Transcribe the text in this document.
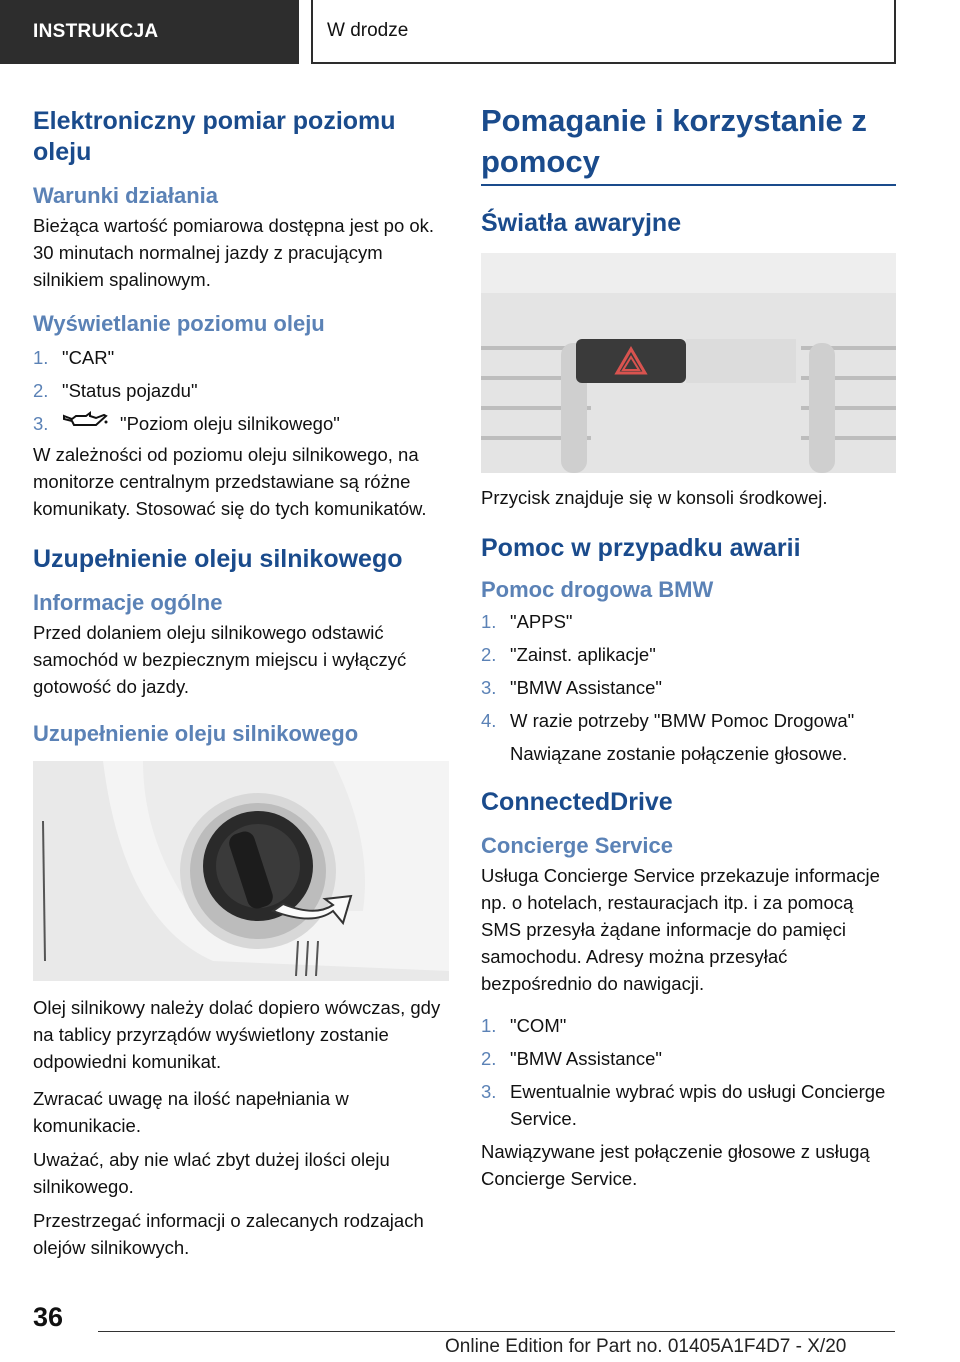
INSTRUKCJA	W drodze
Elektroniczny pomiar poziomu oleju
Warunki działania

Bieżąca wartość pomiarowa dostępna jest po ok. 30 minutach normalnej jazdy z pracującym silnikiem spalinowym.

Wyświetlanie poziomu oleju
1. "CAR"
2. "Status pojazdu"
3.	"Poziom oleju silnikowego"

W zależności od poziomu oleju silnikowego, na monitorze centralnym przedstawiane są różne komunikaty. Stosować się do tych komunikatów.

Uzupełnienie oleju silnikowego
Informacje ogólne

Przed dolaniem oleju silnikowego odstawić samochód w bezpiecznym miejscu i wyłączyć gotowość do jazdy.

Uzupełnienie oleju silnikowego

Olej silnikowy należy dolać dopiero wówczas, gdy na tablicy przyrządów wyświetlony zostanie odpowiedni komunikat.

Zwracać uwagę na ilość napełniania w komunikacie.

Uważać, aby nie wlać zbyt dużej ilości oleju silnikowego.

Przestrzegać informacji o zalecanych rodzajach olejów silnikowych.

Pomaganie i korzystanie z pomocy
Światła awaryjne

Przycisk znajduje się w konsoli środkowej.

Pomoc w przypadku awarii
Pomoc drogowa BMW
1. "APPS"
2. "Zainst. aplikacje"
3. "BMW Assistance"
4. W razie potrzeby "BMW Pomoc Drogowa"

Nawiązane zostanie połączenie głosowe.

ConnectedDrive
Concierge Service

Usługa Concierge Service przekazuje informacje np. o hotelach, restauracjach itp. i za pomocą SMS przesyła żądane informacje do pamięci samochodu. Adresy można przesyłać bezpośrednio do nawigacji.

1. "COM"
2. "BMW Assistance"
3. Ewentualnie wybrać wpis do usługi Concierge Service.

Nawiązywane jest połączenie głosowe z usługą Concierge Service.

36
Online Edition for Part no. 01405A1F4D7 - X/20
